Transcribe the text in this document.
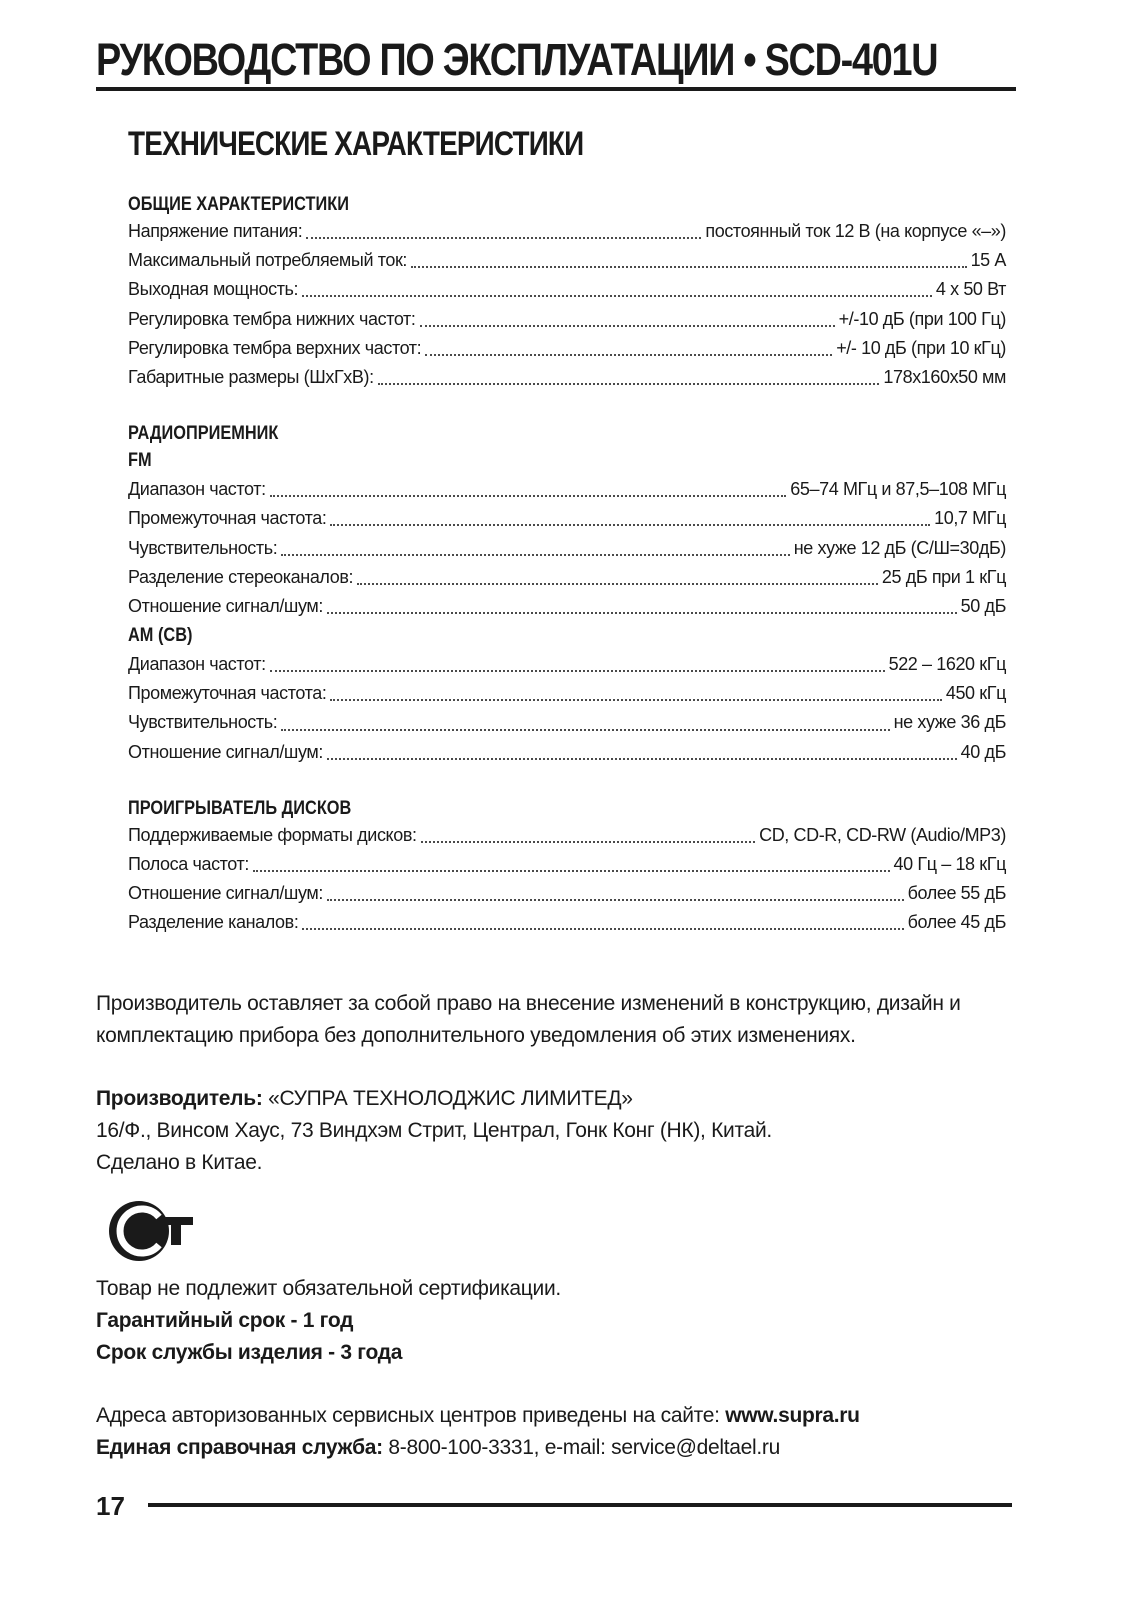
РУКОВОДСТВО ПО ЭКСПЛУАТАЦИИ • SCD-401U
ТЕХНИЧЕСКИЕ ХАРАКТЕРИСТИКИ
ОБЩИЕ ХАРАКТЕРИСТИКИ
Напряжение питания:	постоянный ток 12 В (на корпусе «–»)
Максимальный потребляемый ток:	15 А
Выходная мощность:	4 x 50 Вт
Регулировка тембра нижних частот:	+/-10 дБ (при 100 Гц)
Регулировка тембра верхних частот:	+/- 10 дБ (при 10 кГц)
Габаритные размеры (ШхГхВ):	178х160х50 мм
РАДИОПРИЕМНИК
FM
Диапазон частот:	65–74 МГц и 87,5–108 МГц
Промежуточная частота:	10,7 МГц
Чувствительность:	не хуже 12 дБ (С/Ш=30дБ)
Разделение стереоканалов:	25 дБ при 1 кГц
Отношение сигнал/шум:	50 дБ
AM (СВ)
Диапазон частот:	522 – 1620 кГц
Промежуточная частота:	450 кГц
Чувствительность:	не хуже 36 дБ
Отношение сигнал/шум:	40 дБ
ПРОИГРЫВАТЕЛЬ ДИСКОВ
Поддерживаемые форматы дисков:	CD, CD-R, CD-RW (Audio/MP3)
Полоса частот:	40 Гц – 18 кГц
Отношение сигнал/шум:	более 55 дБ
Разделение каналов:	более 45 дБ
Производитель оставляет за собой право на внесение изменений в конструкцию, дизайн и комплектацию прибора без дополнительного уведомления об этих изменениях.
Производитель: «СУПРА ТЕХНОЛОДЖИС ЛИМИТЕД»
16/Ф., Винсом Хаус, 73 Виндхэм Стрит, Централ, Гонк Конг (НК), Китай.
Сделано в Китае.
Товар не подлежит обязательной сертификации.
Гарантийный срок - 1 год
Срок службы изделия - 3 года
Адреса авторизованных сервисных центров приведены на сайте: www.supra.ru
Единая справочная служба: 8-800-100-3331, e-mail: service@deltael.ru
17
